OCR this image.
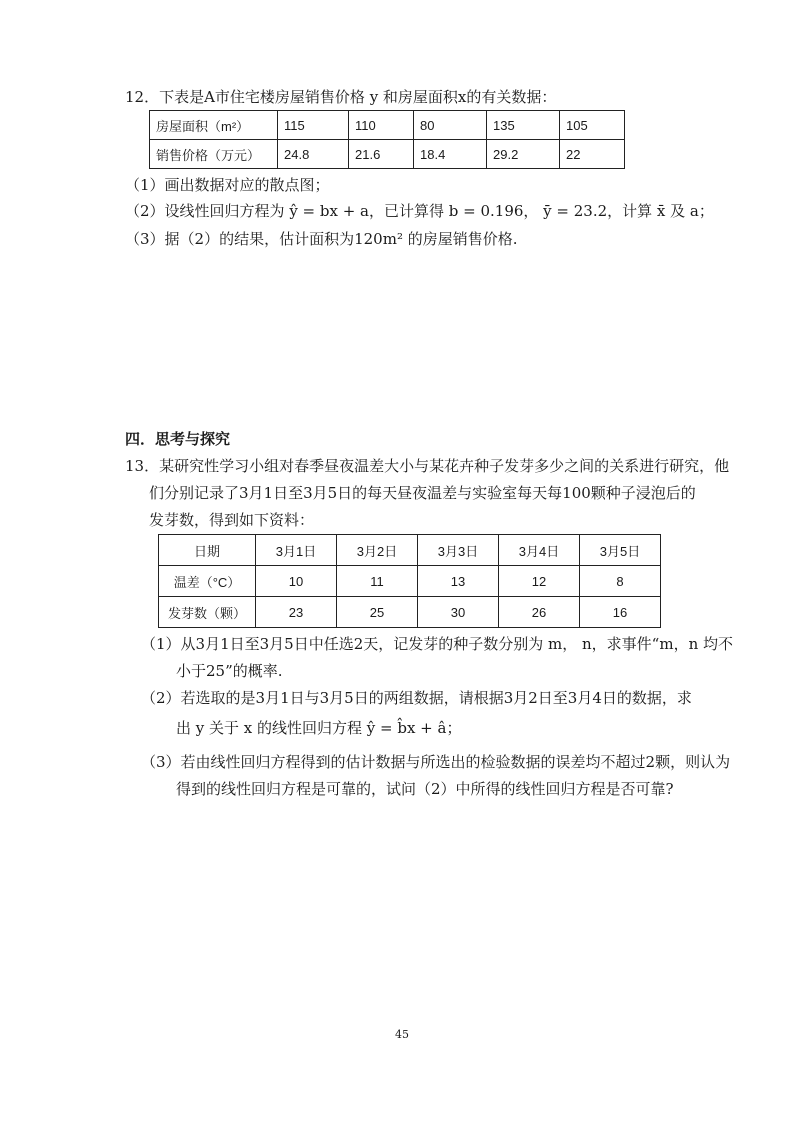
12．下表是A市住宅楼房屋销售价格 y 和房屋面积x的有关数据：
房屋面积（m²）	115	110	80	135	105
销售价格（万元）	24.8	21.6	18.4	29.2	22
（1）画出数据对应的散点图；
（2）设线性回归方程为 ŷ = bx + a，已计算得 b = 0.196， ȳ = 23.2，计算 x̄ 及 a；
（3）据（2）的结果，估计面积为120m² 的房屋销售价格.
四．思考与探究
13．某研究性学习小组对春季昼夜温差大小与某花卉种子发芽多少之间的关系进行研究，他
们分别记录了3月1日至3月5日的每天昼夜温差与实验室每天每100颗种子浸泡后的
发芽数，得到如下资料：
日期	3月1日	3月2日	3月3日	3月4日	3月5日
温差（°C）	10	11	13	12	8
发芽数（颗）	23	25	30	26	16
（1）从3月1日至3月5日中任选2天，记发芽的种子数分别为 m， n，求事件“m，n 均不
小于25”的概率.
（2）若选取的是3月1日与3月5日的两组数据，请根据3月2日至3月4日的数据，求
出 y 关于 x 的线性回归方程 ŷ = b̂x + â；
（3）若由线性回归方程得到的估计数据与所选出的检验数据的误差均不超过2颗，则认为
得到的线性回归方程是可靠的，试问（2）中所得的线性回归方程是否可靠?
45
